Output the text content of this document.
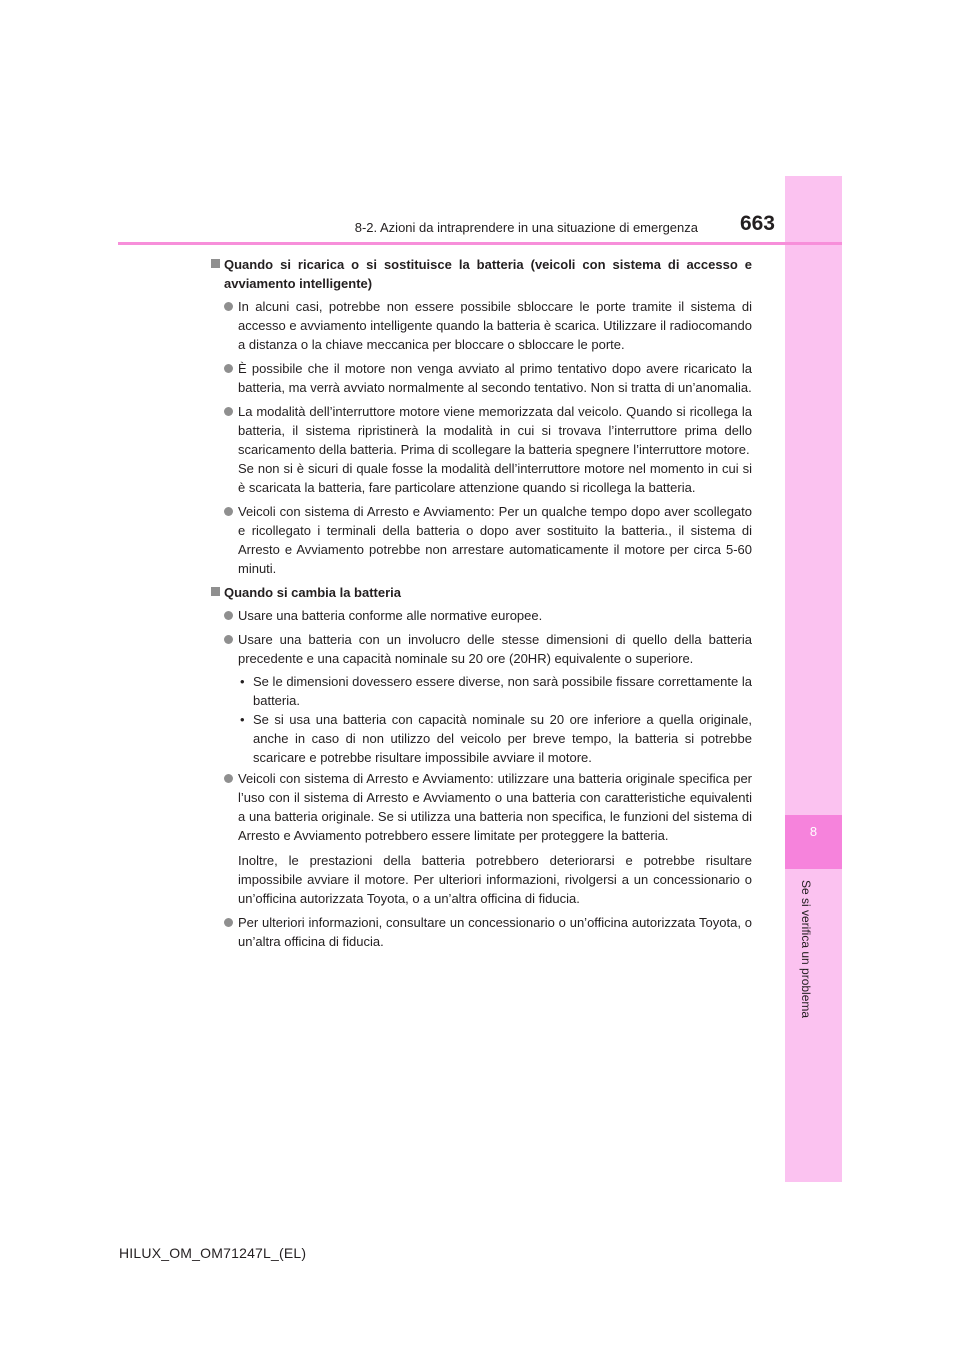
8
Se si verifica un problema
663
8-2. Azioni da intraprendere in una situazione di emergenza
Quando si ricarica o si sostituisce la batteria (veicoli con sistema di accesso e avviamento intelligente)
In alcuni casi, potrebbe non essere possibile sbloccare le porte tramite il sistema di accesso e avviamento intelligente quando la batteria è scarica. Utilizzare il radiocomando a distanza o la chiave meccanica per bloccare o sbloccare le porte.
È possibile che il motore non venga avviato al primo tentativo dopo avere ricaricato la batteria, ma verrà avviato normalmente al secondo tentativo. Non si tratta di un’anomalia.
La modalità dell’interruttore motore viene memorizzata dal veicolo. Quando si ricollega la batteria, il sistema ripristinerà la modalità in cui si trovava l’interruttore prima dello scaricamento della batteria. Prima di scollegare la batteria spegnere l’interruttore motore.
Se non si è sicuri di quale fosse la modalità dell’interruttore motore nel momento in cui si è scaricata la batteria, fare particolare attenzione quando si ricollega la batteria.
Veicoli con sistema di Arresto e Avviamento: Per un qualche tempo dopo aver scollegato e ricollegato i terminali della batteria o dopo aver sostituito la batteria., il sistema di Arresto e Avviamento potrebbe non arrestare automaticamente il motore per circa 5-60 minuti.
Quando si cambia la batteria
Usare una batteria conforme alle normative europee.
Usare una batteria con un involucro delle stesse dimensioni di quello della batteria precedente e una capacità nominale su 20 ore (20HR) equivalente o superiore.
• Se le dimensioni dovessero essere diverse, non sarà possibile fissare correttamente la batteria.
• Se si usa una batteria con capacità nominale su 20 ore inferiore a quella originale, anche in caso di non utilizzo del veicolo per breve tempo, la batteria si potrebbe scaricare e potrebbe risultare impossibile avviare il motore.
Veicoli con sistema di Arresto e Avviamento: utilizzare una batteria originale specifica per l’uso con il sistema di Arresto e Avviamento o una batteria con caratteristiche equivalenti a una batteria originale. Se si utilizza una batteria non specifica, le funzioni del sistema di Arresto e Avviamento potrebbero essere limitate per proteggere la batteria.
Inoltre, le prestazioni della batteria potrebbero deteriorarsi e potrebbe risultare impossibile avviare il motore. Per ulteriori informazioni, rivolgersi a un concessionario o un’officina autorizzata Toyota, o a un’altra officina di fiducia.
Per ulteriori informazioni, consultare un concessionario o un’officina autorizzata Toyota, o un’altra officina di fiducia.
HILUX_OM_OM71247L_(EL)
